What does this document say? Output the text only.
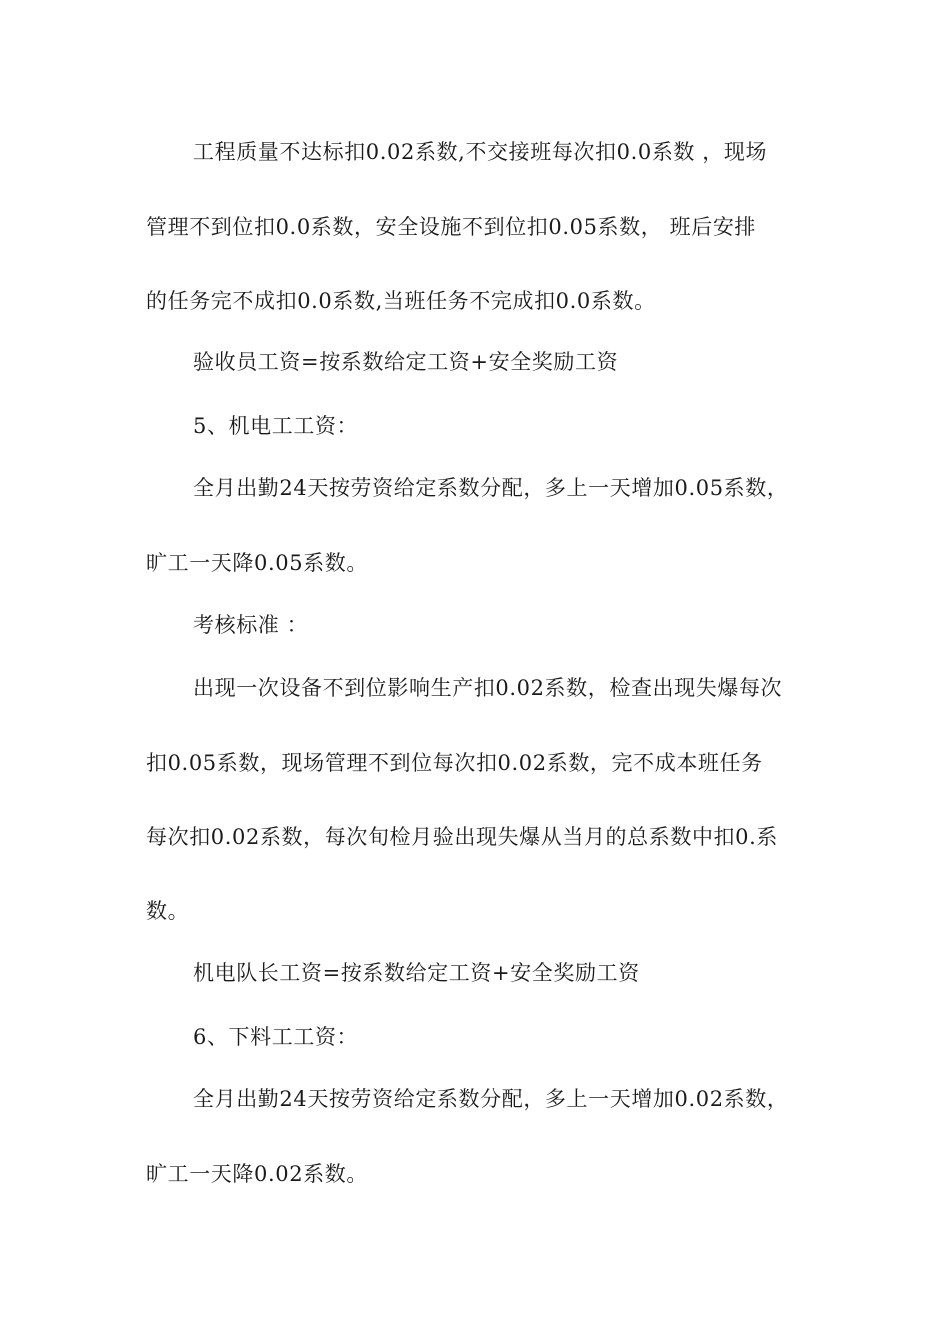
工程质量不达标扣0.02系数,不交接班每次扣0.0系数 ，现场
管理不到位扣0.0系数，安全设施不到位扣0.05系数， 班后安排
的任务完不成扣0.0系数,当班任务不完成扣0.0系数。
验收员工资=按系数给定工资+安全奖励工资
5、机电工工资：
全月出勤24天按劳资给定系数分配，多上一天增加0.05系数，
旷工一天降0.05系数。
考核标准 ：
出现一次设备不到位影响生产扣0.02系数，检查出现失爆每次
扣0.05系数，现场管理不到位每次扣0.02系数，完不成本班任务
每次扣0.02系数，每次旬检月验出现失爆从当月的总系数中扣0.系
数。
机电队长工资=按系数给定工资+安全奖励工资
6、下料工工资：
全月出勤24天按劳资给定系数分配，多上一天增加0.02系数，
旷工一天降0.02系数。
